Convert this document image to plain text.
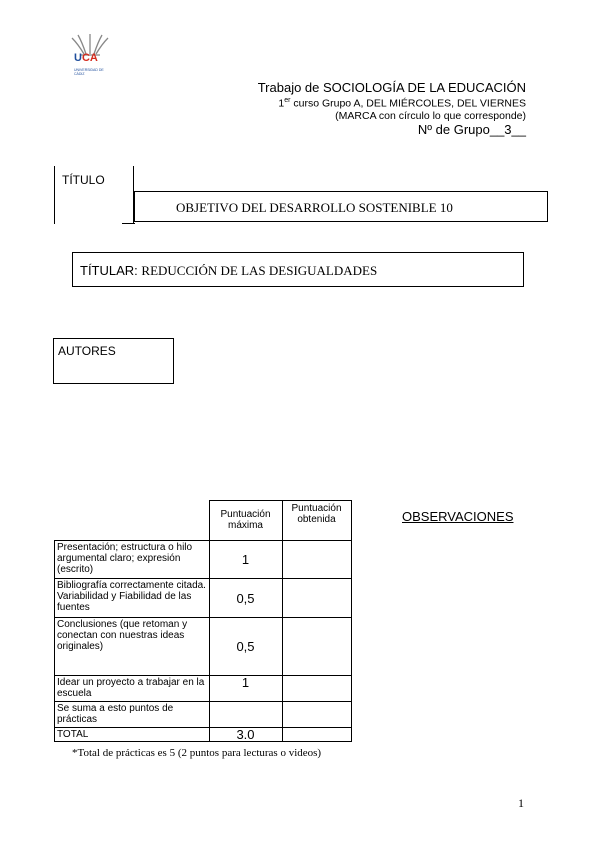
UCA
UNIVERSIDAD DE CÁDIZ
Trabajo de SOCIOLOGÍA DE LA EDUCACIÓN
1er curso Grupo A, DEL MIÉRCOLES, DEL VIERNES
(MARCA con círculo lo que corresponde)
Nº de Grupo__3__
TÍTULO
OBJETIVO DEL DESARROLLO SOSTENIBLE 10
TÍTULAR: REDUCCIÓN DE LAS DESIGUALDADES
AUTORES
OBSERVACIONES
	Puntuación máxima	Puntuación obtenida
Presentación; estructura o hilo argumental claro; expresión (escrito)	1	
Bibliografía correctamente citada. Variabilidad y Fiabilidad de las fuentes	0,5	
Conclusiones (que retoman y conectan con nuestras ideas originales)	0,5	
Idear un proyecto a trabajar en la escuela	1	
Se suma a esto puntos de prácticas		
TOTAL	3.0	
*Total de prácticas es 5 (2 puntos para lecturas o videos)
1
